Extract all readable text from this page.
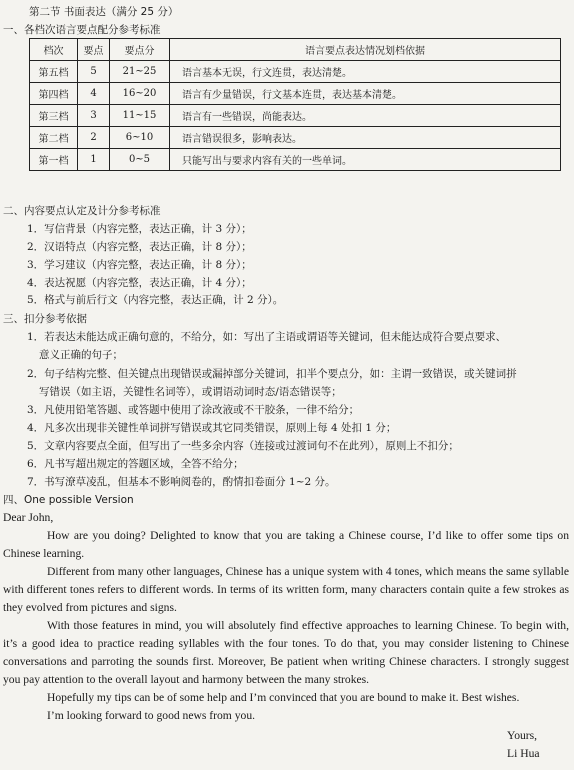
第二节 书面表达（满分 25 分）
一、各档次语言要点配分参考标准
档次	要点	要点分	语言要点表达情况划档依据
第五档	5	21~25	语言基本无误，行文连贯，表达清楚。
第四档	4	16~20	语言有少量错误，行文基本连贯，表达基本清楚。
第三档	3	11~15	语言有一些错误，尚能表达。
第二档	2	6~10	语言错误很多，影响表达。
第一档	1	0~5	只能写出与要求内容有关的一些单词。
二、内容要点认定及计分参考标准
1．写信背景（内容完整，表达正确，计 3 分）；
2．汉语特点（内容完整，表达正确，计 8 分）；
3．学习建议（内容完整，表达正确，计 8 分）；
4．表达祝愿（内容完整，表达正确，计 4 分）；
5．格式与前后行文（内容完整，表达正确，计 2 分）。
三、扣分参考依据
1．若表达未能达成正确句意的，不给分，如：写出了主语或谓语等关键词，但未能达成符合要点要求、
意义正确的句子；
2．句子结构完整、但关键点出现错误或漏掉部分关键词，扣半个要点分，如：主谓一致错误，或关键词拼
写错误（如主语，关键性名词等），或谓语动词时态/语态错误等；
3．凡使用铅笔答题、或答题中使用了涂改液或不干胶条，一律不给分；
4．凡多次出现非关键性单词拼写错误或其它同类错误，原则上每 4 处扣 1 分；
5．文章内容要点全面，但写出了一些多余内容（连接或过渡词句不在此列），原则上不扣分；
6．凡书写超出规定的答题区域，全答不给分；
7．书写潦草凌乱，但基本不影响阅卷的，酌情扣卷面分 1~2 分。
四、One possible Version

Dear John,

How are you doing? Delighted to know that you are taking a Chinese course, I’d like to offer some tips on Chinese learning.

Different from many other languages, Chinese has a unique system with 4 tones, which means the same syllable with different tones refers to different words. In terms of its written form, many characters contain quite a few strokes as they evolved from pictures and signs.

With those features in mind, you will absolutely find effective approaches to learning Chinese. To begin with, it’s a good idea to practice reading syllables with the four tones. To do that, you may consider listening to Chinese conversations and parroting the sounds first. Moreover, Be patient when writing Chinese characters. I strongly suggest you pay attention to the overall layout and harmony between the many strokes.

Hopefully my tips can be of some help and I’m convinced that you are bound to make it. Best wishes.

I’m looking forward to good news from you.

Yours,
Li Hua
